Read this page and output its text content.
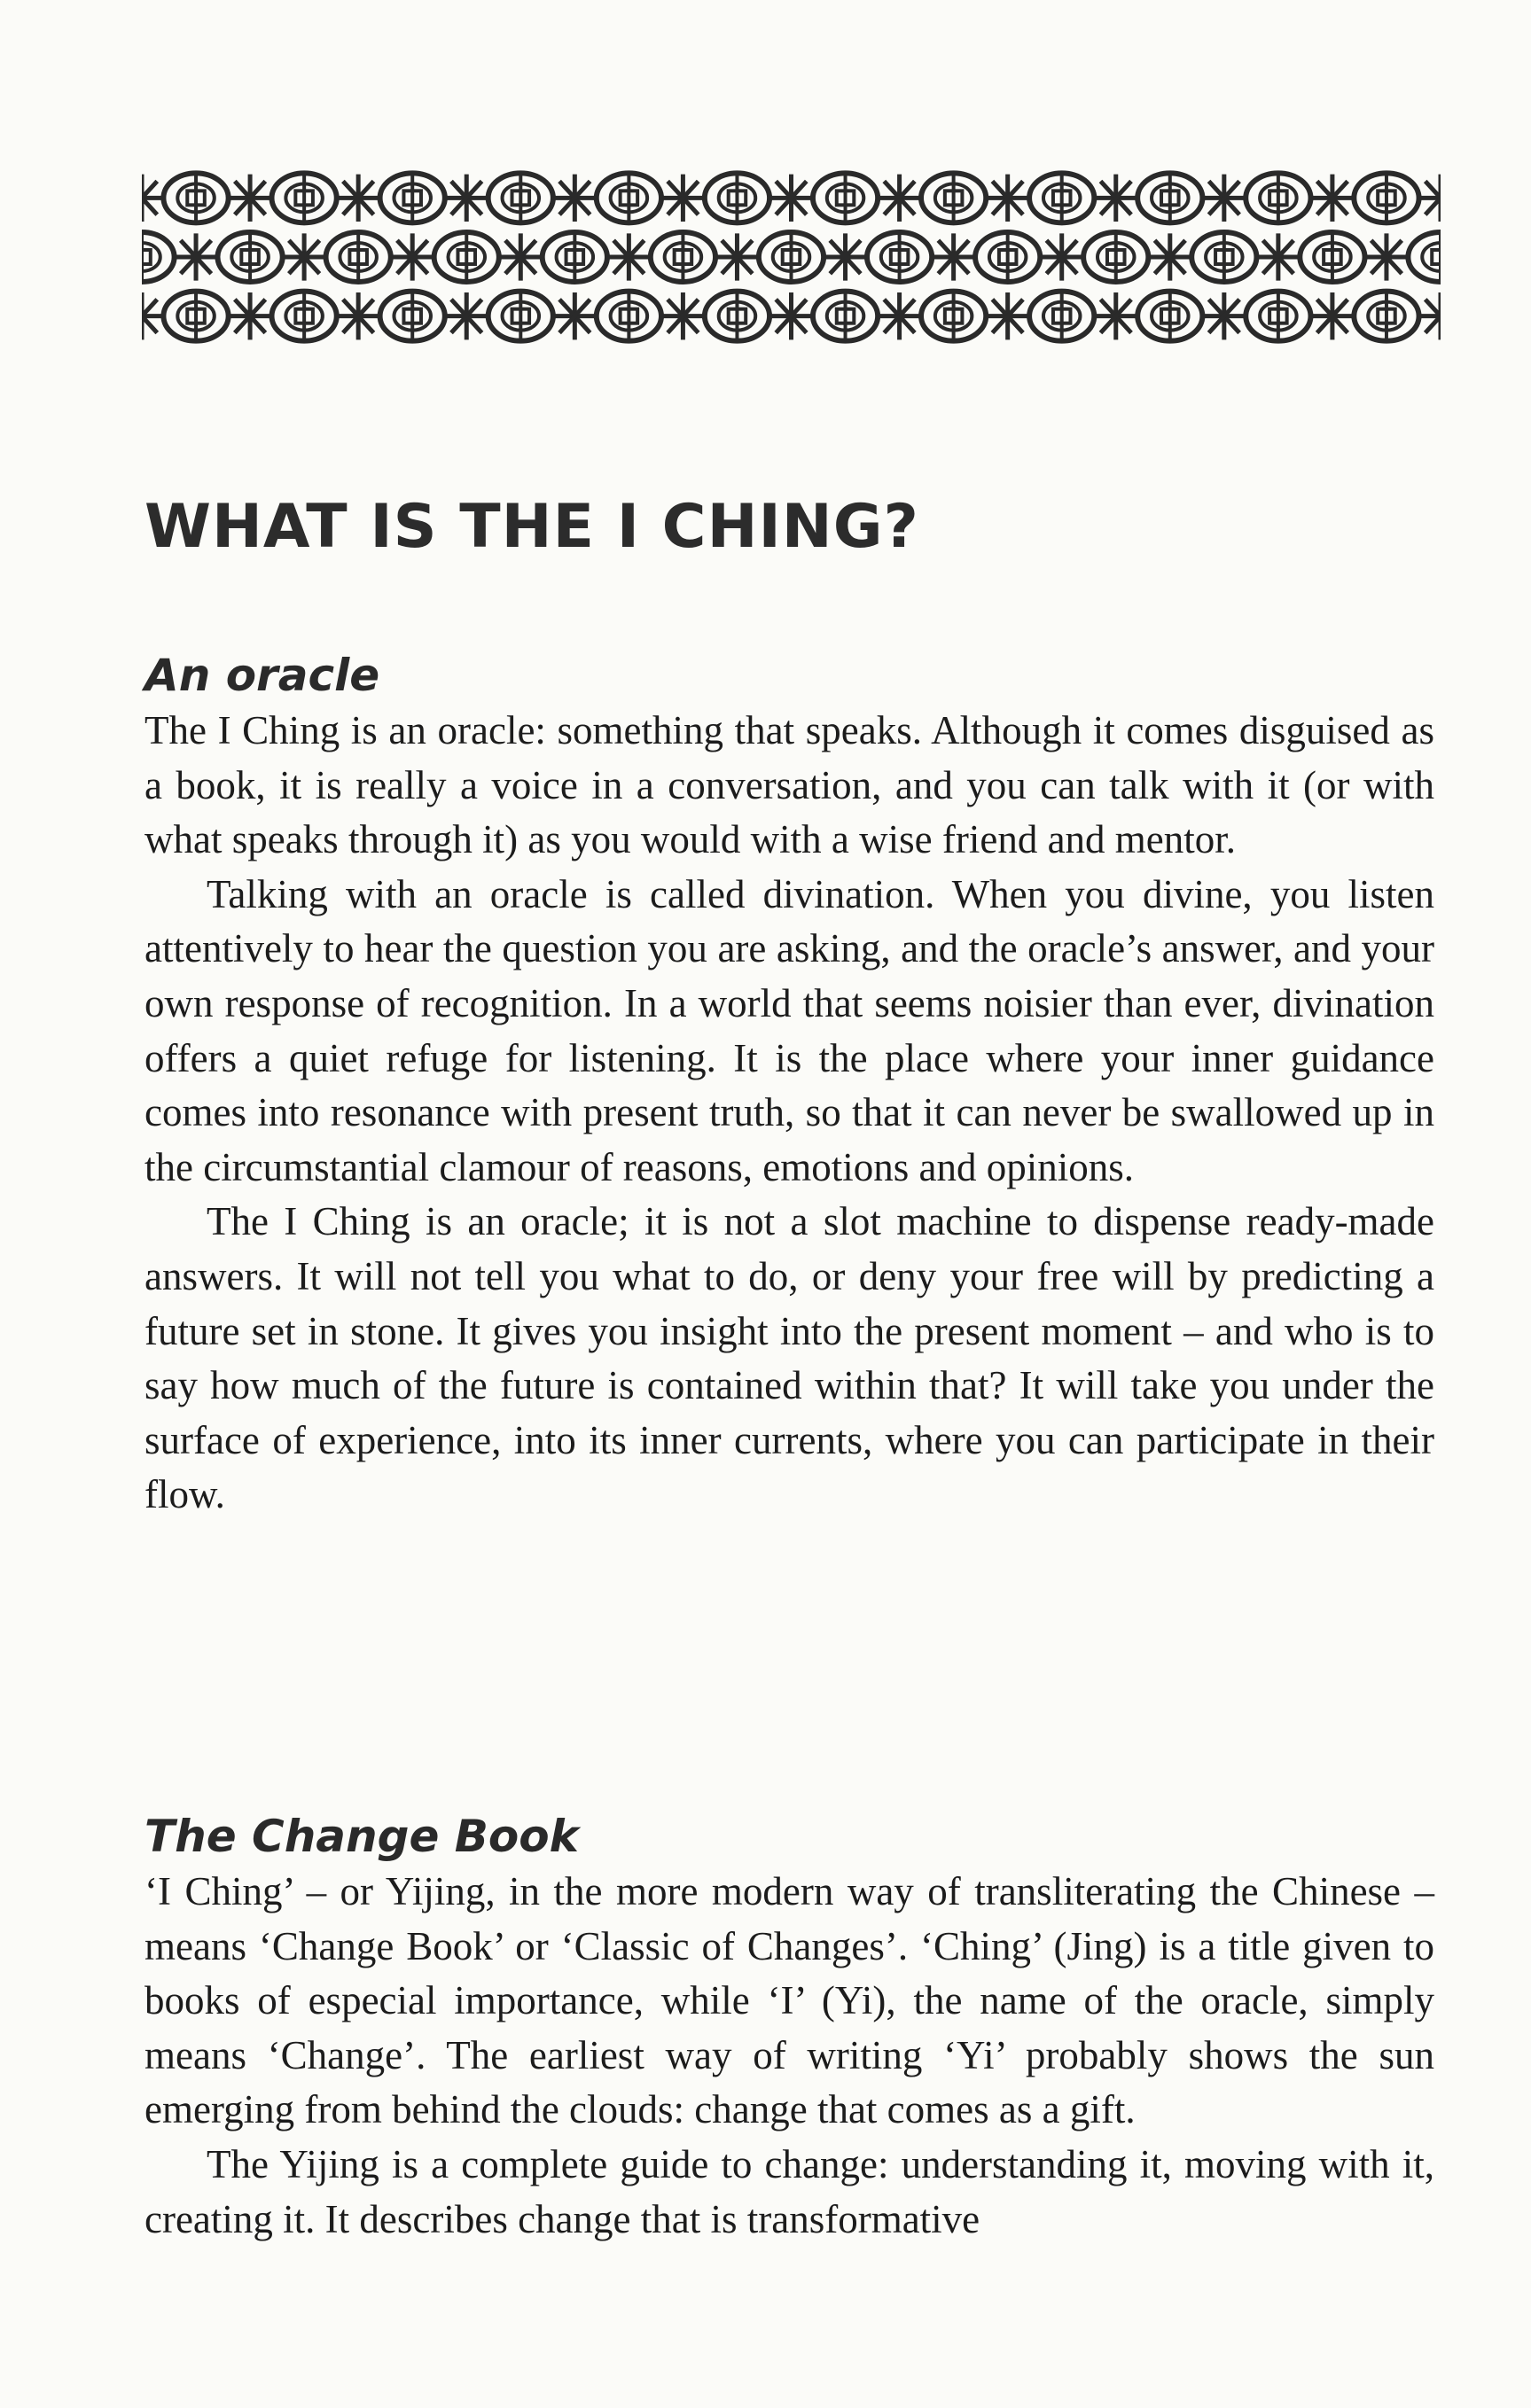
WHAT IS THE I CHING?
An oracle

The I Ching is an oracle: something that speaks. Although it comes disguised as a book, it is really a voice in a conversation, and you can talk with it (or with what speaks through it) as you would with a wise friend and mentor.

Talking with an oracle is called divination. When you divine, you listen attentively to hear the question you are asking, and the oracle’s answer, and your own response of recognition. In a world that seems noisier than ever, divination offers a quiet refuge for listening. It is the place where your inner guidance comes into resonance with present truth, so that it can never be swallowed up in the circumstantial clamour of reasons, emotions and opinions.

The I Ching is an oracle; it is not a slot machine to dispense ready-made answers. It will not tell you what to do, or deny your free will by predicting a future set in stone. It gives you insight into the present moment – and who is to say how much of the future is contained within that? It will take you under the surface of experience, into its inner currents, where you can participate in their flow.

The Change Book

‘I Ching’ – or Yijing, in the more modern way of transliterating the Chinese – means ‘Change Book’ or ‘Classic of Changes’. ‘Ching’ (Jing) is a title given to books of especial importance, while ‘I’ (Yi), the name of the oracle, simply means ‘Change’. The earliest way of writing ‘Yi’ probably shows the sun emerging from behind the clouds: change that comes as a gift.

The Yijing is a complete guide to change: understanding it, moving with it, creating it. It describes change that is transformative
